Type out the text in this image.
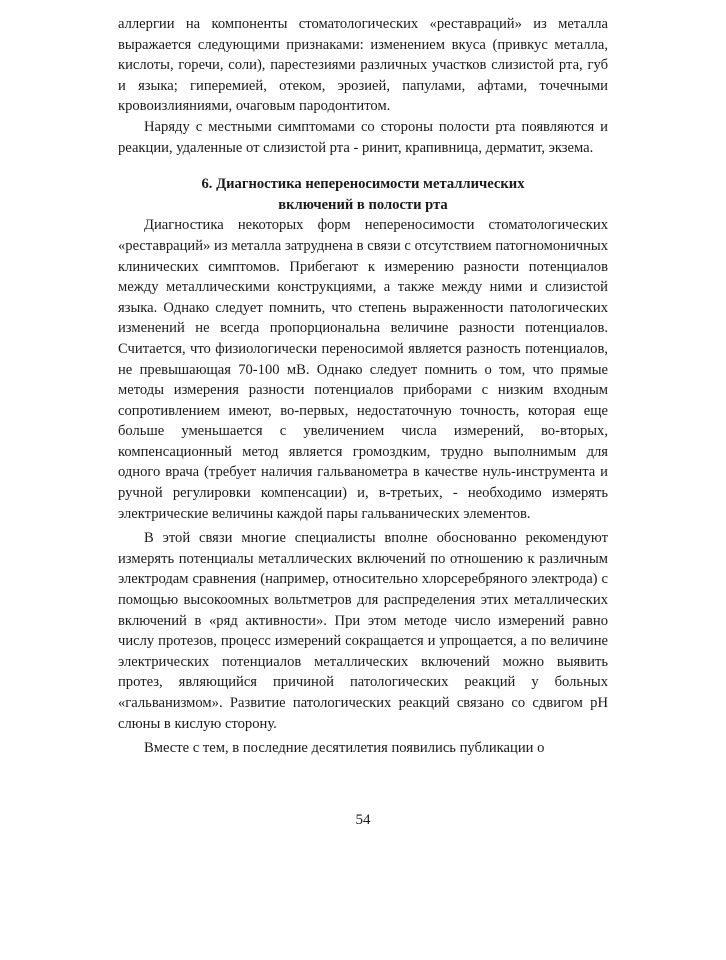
аллергии на компоненты стоматологических «реставраций» из металла выражается следующими признаками: изменением вкуса (привкус металла, кислоты, горечи, соли), парестезиями различных участков слизистой рта, губ и языка; гиперемией, отеком, эрозией, папулами, афтами, точечными кровоизлияниями, очаговым пародонтитом.

Наряду с местными симптомами со стороны полости рта появляются и реакции, удаленные от слизистой рта - ринит, крапивница, дерматит, экзема.

6. Диагностика непереносимости металлических
включений в полости рта

Диагностика некоторых форм непереносимости стоматологических «реставраций» из металла затруднена в связи с отсутствием патогномоничных клинических симптомов. Прибегают к измерению разности потенциалов между металлическими конструкциями, а также между ними и слизистой языка. Однако следует помнить, что степень выраженности патологических изменений не всегда пропорциональна величине разности потенциалов. Считается, что физиологически переносимой является разность потенциалов, не превышающая 70-100 мВ. Однако следует помнить о том, что прямые методы измерения разности потенциалов приборами с низким входным сопротивлением имеют, во-первых, недостаточную точность, которая еще больше уменьшается с увеличением числа измерений, во-вторых, компенсационный метод является громоздким, трудно выполнимым для одного врача (требует наличия гальванометра в качестве нуль-инструмента и ручной регулировки компенсации) и, в-третьих, - необходимо измерять электрические величины каждой пары гальванических элементов.

В этой связи многие специалисты вполне обоснованно рекомендуют измерять потенциалы металлических включений по отношению к различным электродам сравнения (например, относительно хлорсеребряного электрода) с помощью высокоомных вольтметров для распределения этих металлических включений в «ряд активности». При этом методе число измерений равно числу протезов, процесс измерений сокращается и упрощается, а по величине электрических потенциалов металлических включений можно выявить протез, являющийся причиной патологических реакций у больных «гальванизмом». Развитие патологических реакций связано со сдвигом pH слюны в кислую сторону.

Вместе с тем, в последние десятилетия появились публикации о

54
